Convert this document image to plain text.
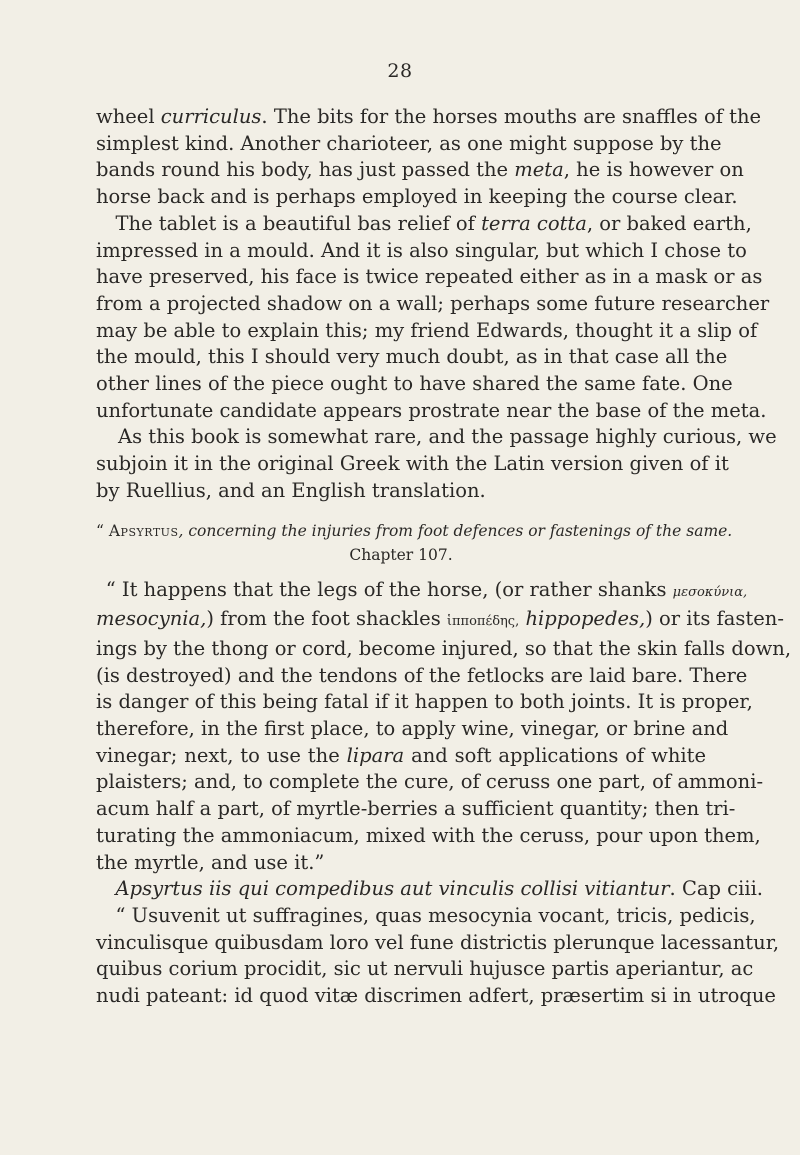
28
wheel curriculus. The bits for the horses mouths are snaffles of the
simplest kind. Another charioteer, as one might suppose by the
bands round his body, has just passed the meta, he is however on
horse back and is perhaps employed in keeping the course clear.
  The tablet is a beautiful bas relief of terra cotta, or baked earth,
impressed in a mould. And it is also singular, but which I chose to
have preserved, his face is twice repeated either as in a mask or as
from a projected shadow on a wall; perhaps some future researcher
may be able to explain this; my friend Edwards, thought it a slip of
the mould, this I should very much doubt, as in that case all the
other lines of the piece ought to have shared the same fate. One
unfortunate candidate appears prostrate near the base of the meta.
As this book is somewhat rare, and the passage highly curious, we
subjoin it in the original Greek with the Latin version given of it
by Ruellius, and an English translation.
“ Apsyrtus, concerning the injuries from foot defences or fastenings of the same.
Chapter 107.
 “ It happens that the legs of the horse, (or rather shanks μεσοκύνια,
mesocynia,) from the foot shackles ἱπποπέδης, hippopedes,) or its fasten-
ings by the thong or cord, become injured, so that the skin falls down,
(is destroyed) and the tendons of the fetlocks are laid bare. There
is danger of this being fatal if it happen to both joints. It is proper,
therefore, in the first place, to apply wine, vinegar, or brine and
vinegar; next, to use the lipara and soft applications of white
plaisters; and, to complete the cure, of ceruss one part, of ammoni-
acum half a part, of myrtle-berries a sufficient quantity; then tri-
turating the ammoniacum, mixed with the ceruss, pour upon them,
the myrtle, and use it.”
  Apsyrtus iis qui compedibus aut vinculis collisi vitiantur. Cap ciii.
  “ Usuvenit ut suffragines, quas mesocynia vocant, tricis, pedicis,
vinculisque quibusdam loro vel fune districtis plerunque lacessantur,
quibus corium procidit, sic ut nervuli hujusce partis aperiantur, ac
nudi pateant: id quod vitæ discrimen adfert, præsertim si in utroque
